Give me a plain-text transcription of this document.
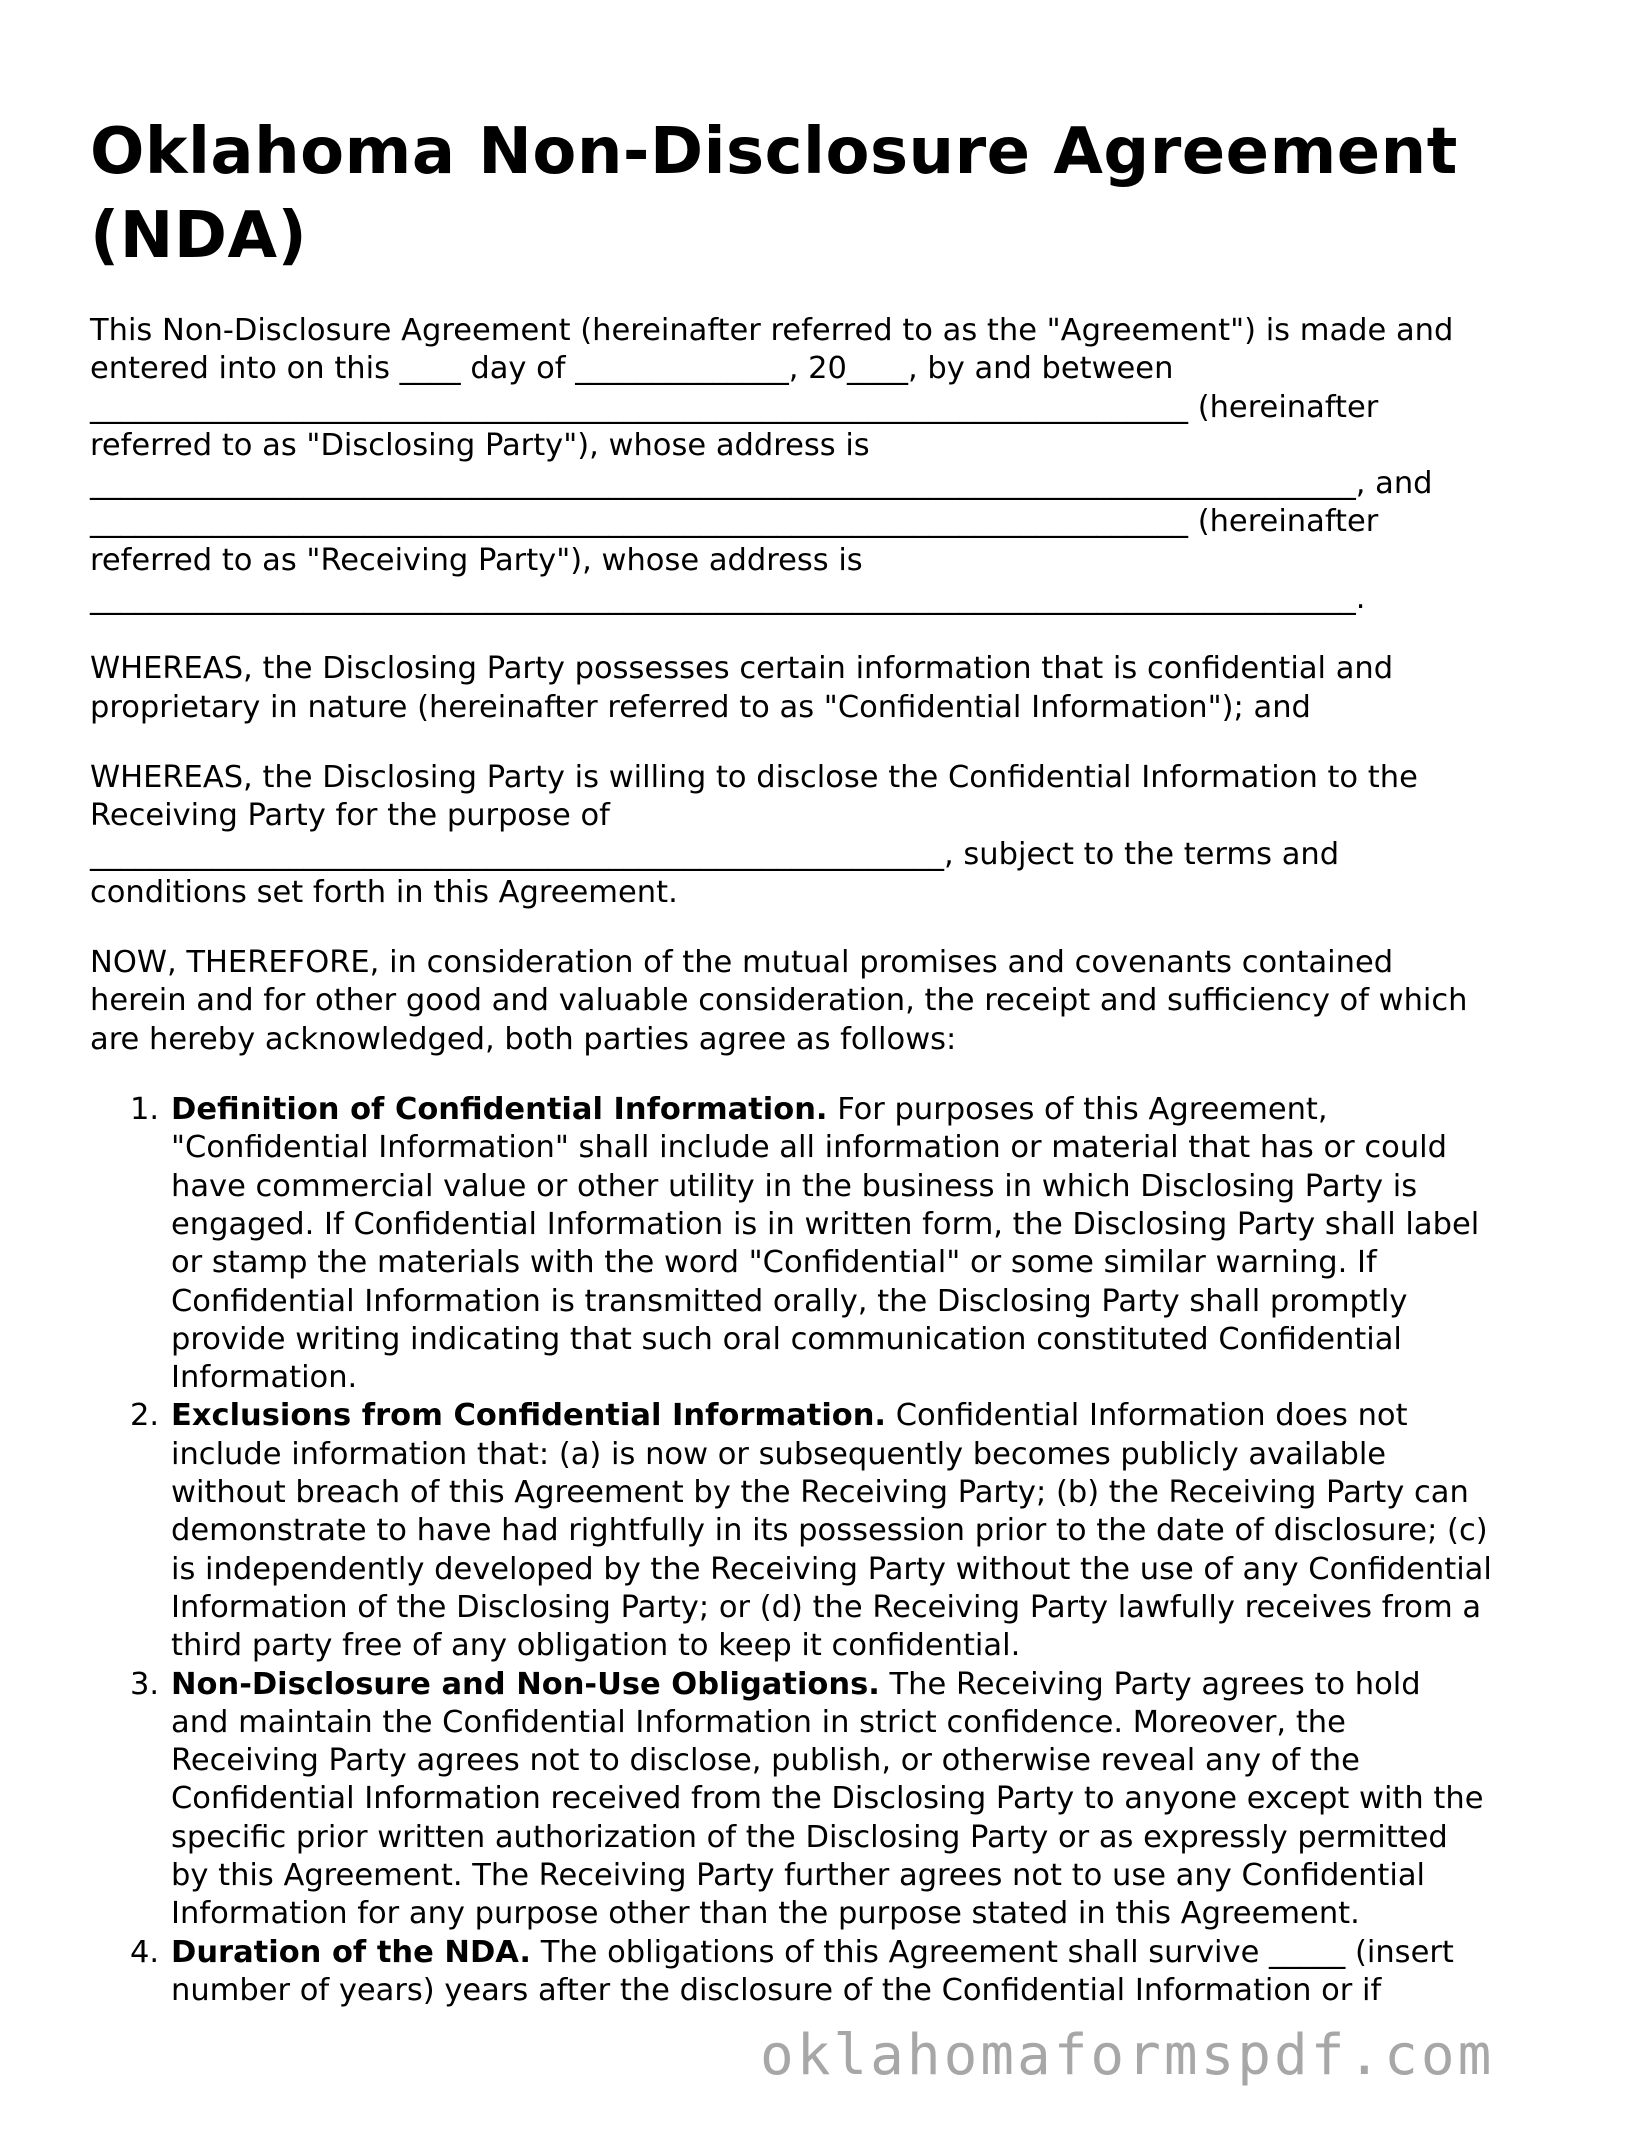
Oklahoma Non-Disclosure Agreement (NDA)

This Non-Disclosure Agreement (hereinafter referred to as the "Agreement") is made and
entered into on this ____ day of ______________, 20____, by and between
________________________________________________________________________ (hereinafter
referred to as "Disclosing Party"), whose address is
___________________________________________________________________________________, and
________________________________________________________________________ (hereinafter
referred to as "Receiving Party"), whose address is
___________________________________________________________________________________.

WHEREAS, the Disclosing Party possesses certain information that is confidential and
proprietary in nature (hereinafter referred to as "Confidential Information"); and

WHEREAS, the Disclosing Party is willing to disclose the Confidential Information to the
Receiving Party for the purpose of
________________________________________________________, subject to the terms and
conditions set forth in this Agreement.

NOW, THEREFORE, in consideration of the mutual promises and covenants contained
herein and for other good and valuable consideration, the receipt and sufficiency of which
are hereby acknowledged, both parties agree as follows:

1. Definition of Confidential Information. For purposes of this Agreement,
"Confidential Information" shall include all information or material that has or could
have commercial value or other utility in the business in which Disclosing Party is
engaged. If Confidential Information is in written form, the Disclosing Party shall label
or stamp the materials with the word "Confidential" or some similar warning. If
Confidential Information is transmitted orally, the Disclosing Party shall promptly
provide writing indicating that such oral communication constituted Confidential
Information.
2. Exclusions from Confidential Information. Confidential Information does not
include information that: (a) is now or subsequently becomes publicly available
without breach of this Agreement by the Receiving Party; (b) the Receiving Party can
demonstrate to have had rightfully in its possession prior to the date of disclosure; (c)
is independently developed by the Receiving Party without the use of any Confidential
Information of the Disclosing Party; or (d) the Receiving Party lawfully receives from a
third party free of any obligation to keep it confidential.
3. Non-Disclosure and Non-Use Obligations. The Receiving Party agrees to hold
and maintain the Confidential Information in strict confidence. Moreover, the
Receiving Party agrees not to disclose, publish, or otherwise reveal any of the
Confidential Information received from the Disclosing Party to anyone except with the
specific prior written authorization of the Disclosing Party or as expressly permitted
by this Agreement. The Receiving Party further agrees not to use any Confidential
Information for any purpose other than the purpose stated in this Agreement.
4. Duration of the NDA. The obligations of this Agreement shall survive _____ (insert
number of years) years after the disclosure of the Confidential Information or if
oklahomaformspdf.com
